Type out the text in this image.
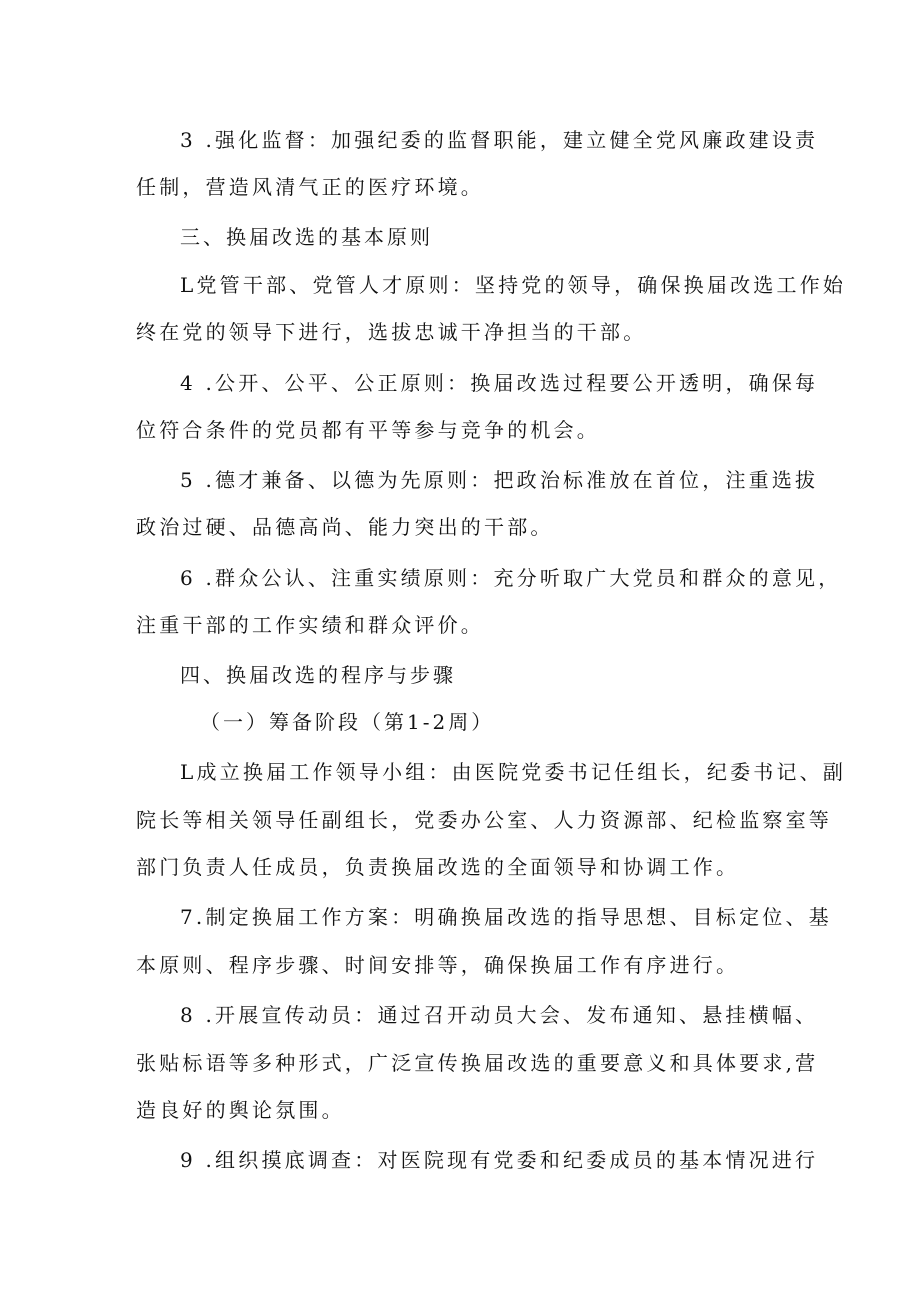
3 .强化监督：加强纪委的监督职能，建立健全党风廉政建设责
任制，营造风清气正的医疗环境。
三、换届改选的基本原则
L党管干部、党管人才原则：坚持党的领导，确保换届改选工作始
终在党的领导下进行，选拔忠诚干净担当的干部。
4 .公开、公平、公正原则：换届改选过程要公开透明，确保每
位符合条件的党员都有平等参与竞争的机会。
5 .德才兼备、以德为先原则：把政治标准放在首位，注重选拔
政治过硬、品德高尚、能力突出的干部。
6 .群众公认、注重实绩原则：充分听取广大党员和群众的意见，
注重干部的工作实绩和群众评价。
四、换届改选的程序与步骤
（一）筹备阶段（第1-2周）
L成立换届工作领导小组：由医院党委书记任组长，纪委书记、副
院长等相关领导任副组长，党委办公室、人力资源部、纪检监察室等
部门负责人任成员，负责换届改选的全面领导和协调工作。
7.制定换届工作方案：明确换届改选的指导思想、目标定位、基
本原则、程序步骤、时间安排等，确保换届工作有序进行。
8 .开展宣传动员：通过召开动员大会、发布通知、悬挂横幅、
张贴标语等多种形式，广泛宣传换届改选的重要意义和具体要求,营
造良好的舆论氛围。
9 .组织摸底调查：对医院现有党委和纪委成员的基本情况进行
